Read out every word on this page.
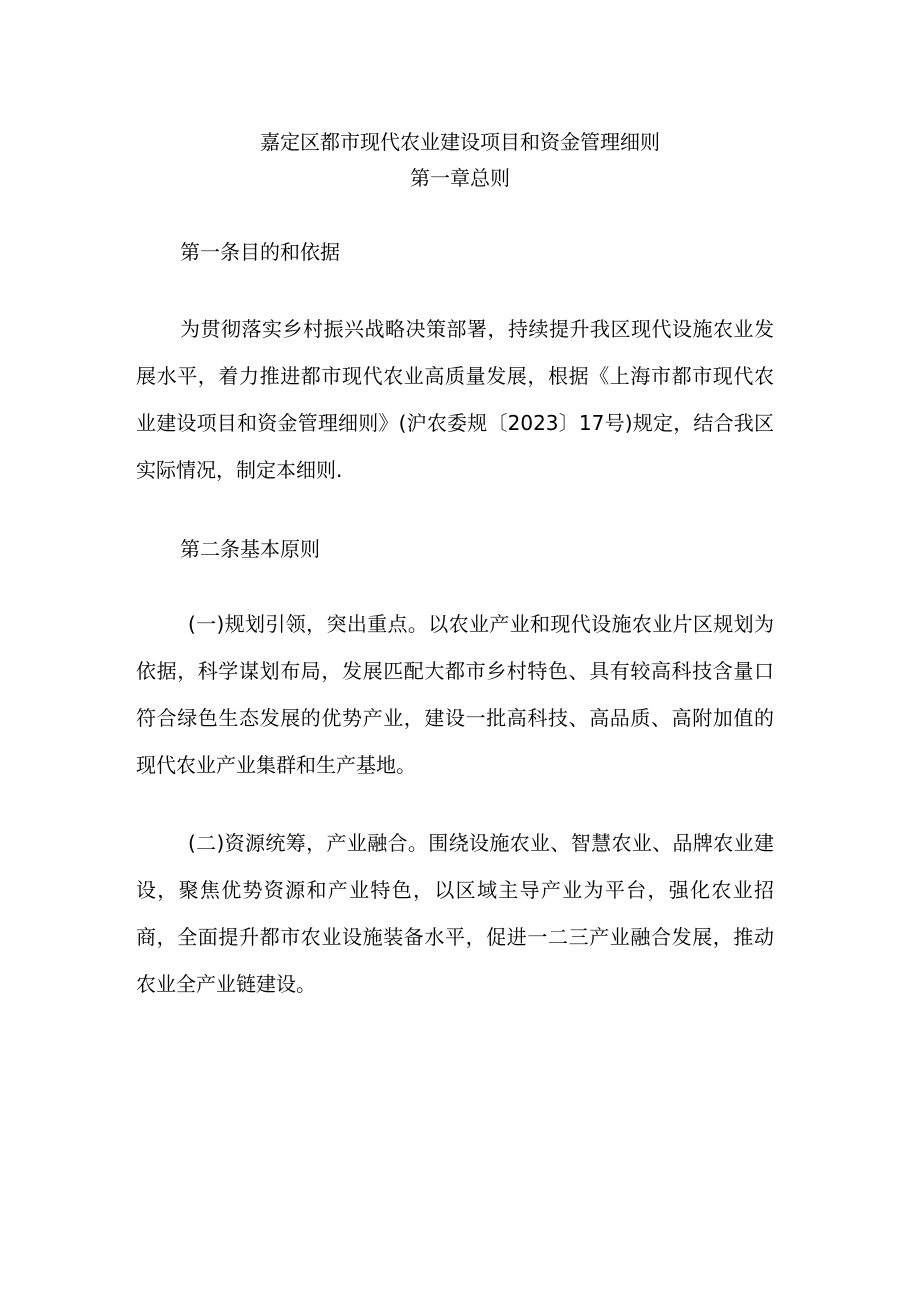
嘉定区都市现代农业建设项目和资金管理细则
第一章总则

第一条目的和依据

为贯彻落实乡村振兴战略决策部署，持续提升我区现代设施农业发展水平，着力推进都市现代农业高质量发展，根据《上海市都市现代农业建设项目和资金管理细则》(沪农委规〔2023〕17号)规定，结合我区实际情况，制定本细则.

第二条基本原则

(一)规划引领，突出重点。以农业产业和现代设施农业片区规划为依据，科学谋划布局，发展匹配大都市乡村特色、具有较高科技含量口符合绿色生态发展的优势产业，建设一批高科技、高品质、高附加值的现代农业产业集群和生产基地。

(二)资源统筹，产业融合。围绕设施农业、智慧农业、品牌农业建设，聚焦优势资源和产业特色，以区域主导产业为平台，强化农业招商，全面提升都市农业设施装备水平，促进一二三产业融合发展，推动农业全产业链建设。
